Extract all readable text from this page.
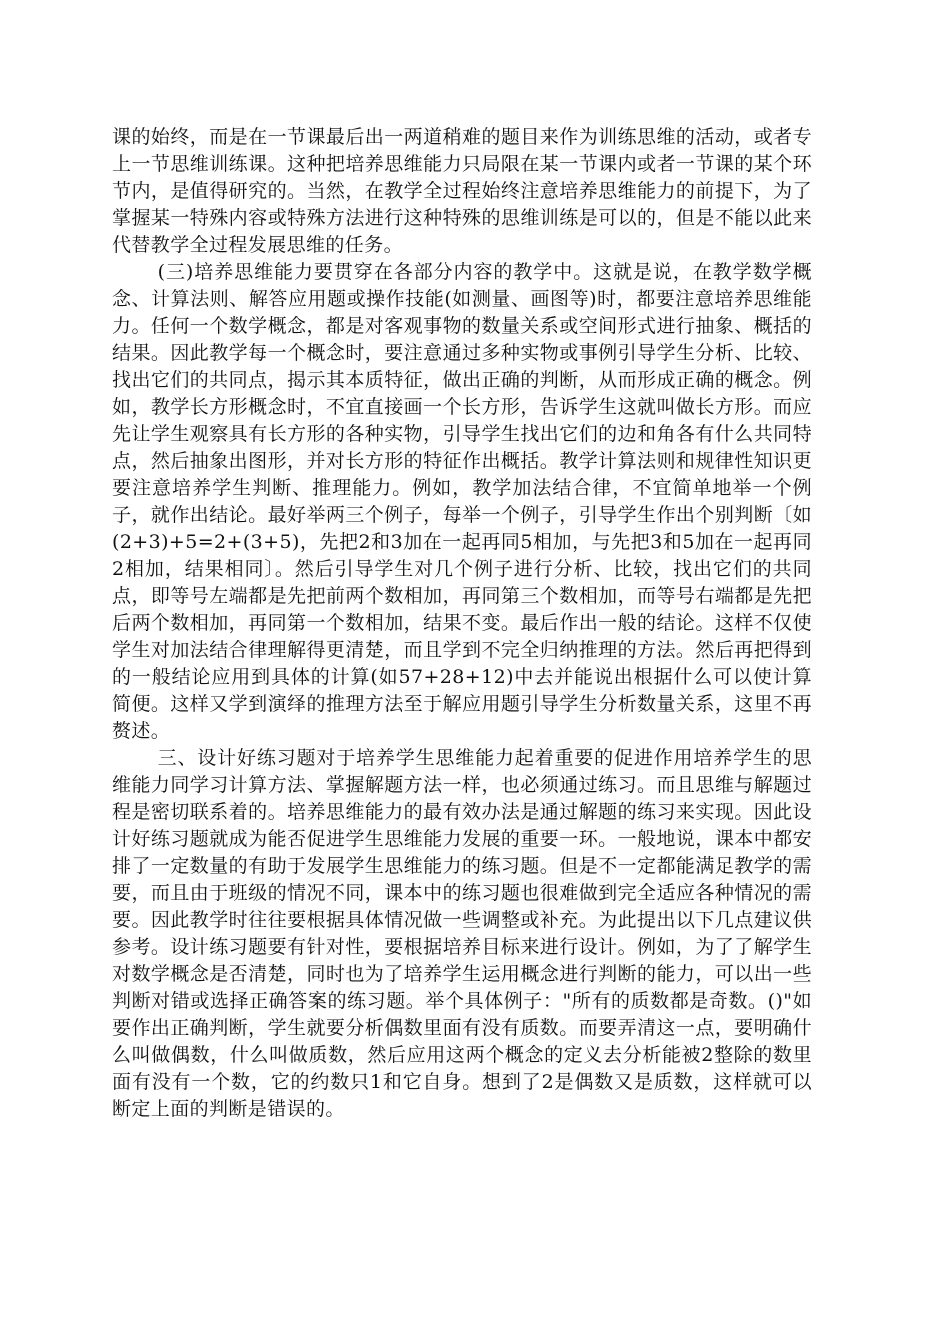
课的始终，而是在一节课最后出一两道稍难的题目来作为训练思维的活动，或者专上一节思维训练课。这种把培养思维能力只局限在某一节课内或者一节课的某个环节内，是值得研究的。当然，在教学全过程始终注意培养思维能力的前提下，为了掌握某一特殊内容或特殊方法进行这种特殊的思维训练是可以的，但是不能以此来代替教学全过程发展思维的任务。

(三)培养思维能力要贯穿在各部分内容的教学中。这就是说，在教学数学概念、计算法则、解答应用题或操作技能(如测量、画图等)时，都要注意培养思维能力。任何一个数学概念，都是对客观事物的数量关系或空间形式进行抽象、概括的结果。因此教学每一个概念时，要注意通过多种实物或事例引导学生分析、比较、找出它们的共同点，揭示其本质特征，做出正确的判断，从而形成正确的概念。例如，教学长方形概念时，不宜直接画一个长方形，告诉学生这就叫做长方形。而应先让学生观察具有长方形的各种实物，引导学生找出它们的边和角各有什么共同特点，然后抽象出图形，并对长方形的特征作出概括。教学计算法则和规律性知识更要注意培养学生判断、推理能力。例如，教学加法结合律，不宜简单地举一个例子，就作出结论。最好举两三个例子，每举一个例子，引导学生作出个别判断〔如(2+3)+5=2+(3+5)，先把2和3加在一起再同5相加，与先把3和5加在一起再同2相加，结果相同〕。然后引导学生对几个例子进行分析、比较，找出它们的共同点，即等号左端都是先把前两个数相加，再同第三个数相加，而等号右端都是先把后两个数相加，再同第一个数相加，结果不变。最后作出一般的结论。这样不仅使学生对加法结合律理解得更清楚，而且学到不完全归纳推理的方法。然后再把得到的一般结论应用到具体的计算(如57+28+12)中去并能说出根据什么可以使计算简便。这样又学到演绎的推理方法至于解应用题引导学生分析数量关系，这里不再赘述。

三、设计好练习题对于培养学生思维能力起着重要的促进作用培养学生的思维能力同学习计算方法、掌握解题方法一样，也必须通过练习。而且思维与解题过程是密切联系着的。培养思维能力的最有效办法是通过解题的练习来实现。因此设计好练习题就成为能否促进学生思维能力发展的重要一环。一般地说，课本中都安排了一定数量的有助于发展学生思维能力的练习题。但是不一定都能满足教学的需要，而且由于班级的情况不同，课本中的练习题也很难做到完全适应各种情况的需要。因此教学时往往要根据具体情况做一些调整或补充。为此提出以下几点建议供参考。设计练习题要有针对性，要根据培养目标来进行设计。例如，为了了解学生对数学概念是否清楚，同时也为了培养学生运用概念进行判断的能力，可以出一些判断对错或选择正确答案的练习题。举个具体例子："所有的质数都是奇数。()"如要作出正确判断，学生就要分析偶数里面有没有质数。而要弄清这一点，要明确什么叫做偶数，什么叫做质数，然后应用这两个概念的定义去分析能被2整除的数里面有没有一个数，它的约数只1和它自身。想到了2是偶数又是质数，这样就可以断定上面的判断是错误的。
